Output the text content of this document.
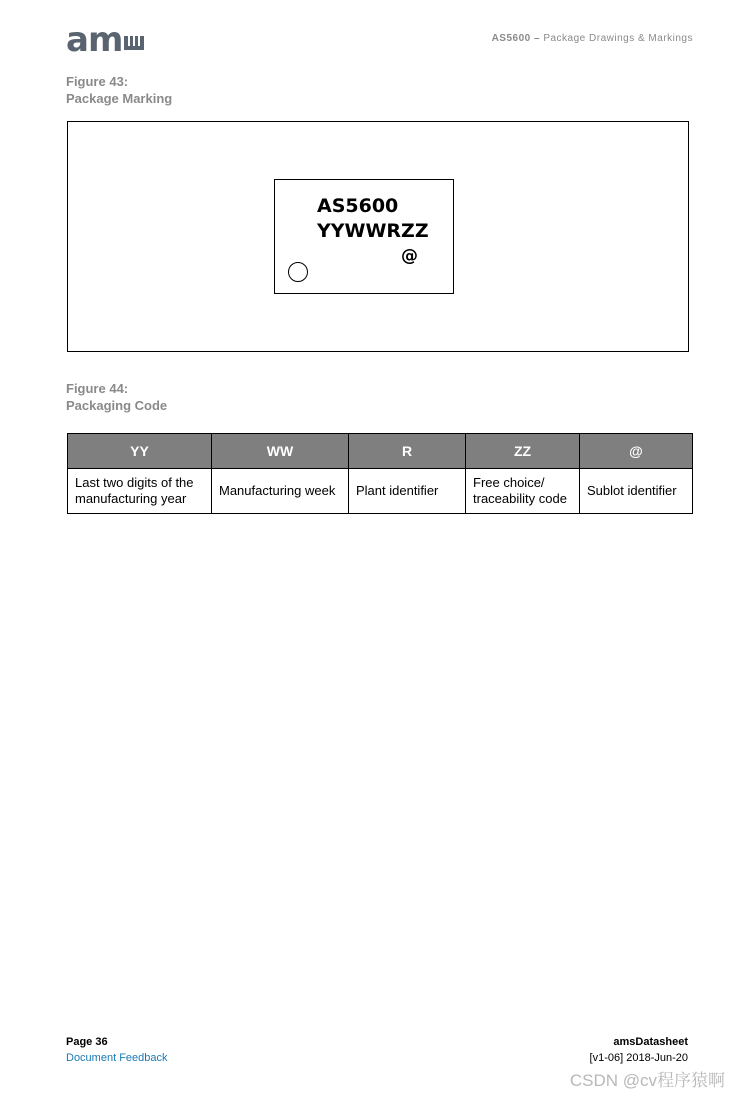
am	AS5600 – Package Drawings & Markings
Figure 43:
Package Marking
AS5600
YYWWRZZ
@
Figure 44:
Packaging Code
YY	WW	R	ZZ	@
Last two digits of the manufacturing year	Manufacturing week	Plant identifier	Free choice/ traceability code	Sublot identifier
Page 36
Document Feedback
amsDatasheet
[v1-06] 2018-Jun-20
CSDN @cv程序猿啊
